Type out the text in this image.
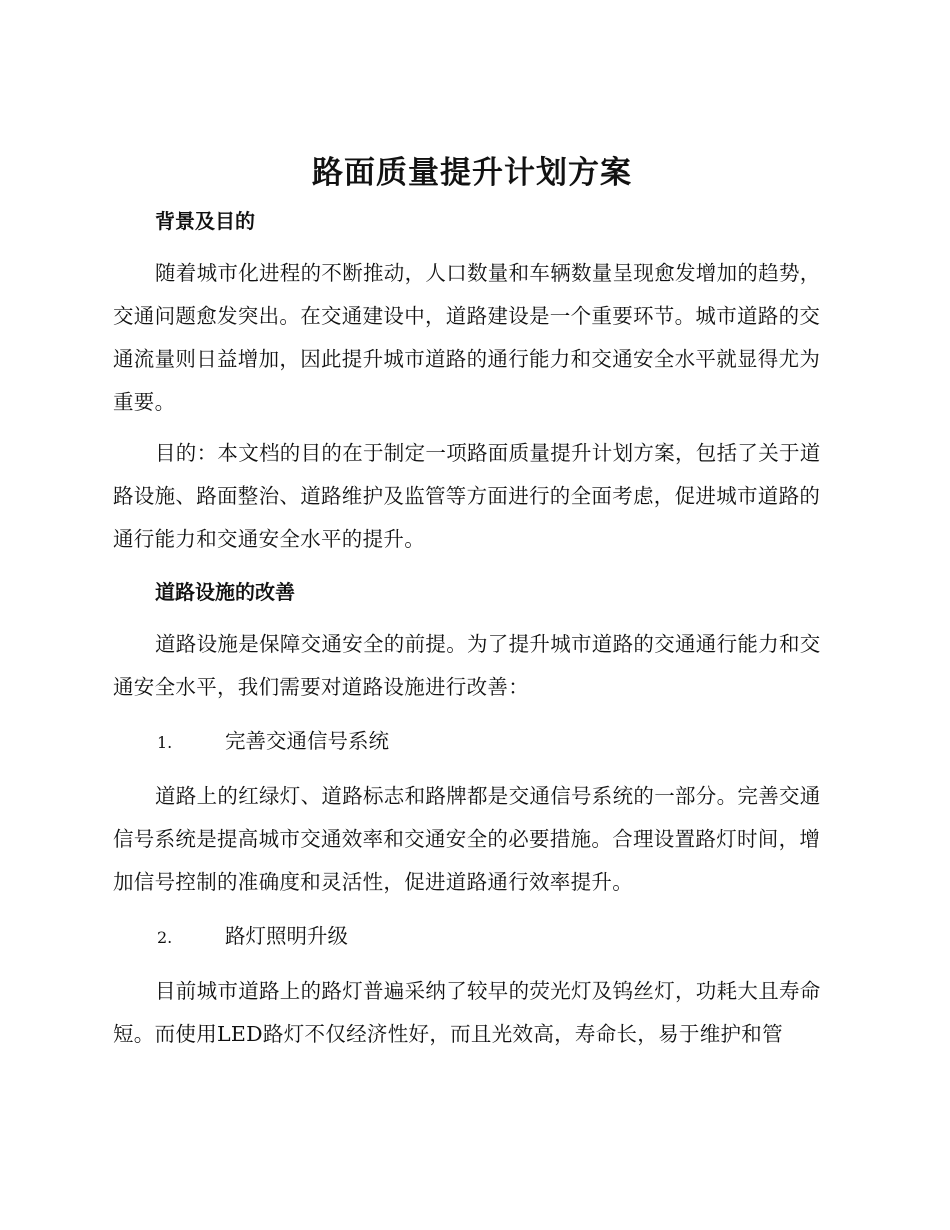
路面质量提升计划方案
背景及目的

随着城市化进程的不断推动，人口数量和车辆数量呈现愈发增加的趋势，交通问题愈发突出。在交通建设中，道路建设是一个重要环节。城市道路的交通流量则日益增加，因此提升城市道路的通行能力和交通安全水平就显得尤为重要。

目的：本文档的目的在于制定一项路面质量提升计划方案，包括了关于道路设施、路面整治、道路维护及监管等方面进行的全面考虑，促进城市道路的通行能力和交通安全水平的提升。

道路设施的改善

道路设施是保障交通安全的前提。为了提升城市道路的交通通行能力和交通安全水平，我们需要对道路设施进行改善：

1.	完善交通信号系统

道路上的红绿灯、道路标志和路牌都是交通信号系统的一部分。完善交通信号系统是提高城市交通效率和交通安全的必要措施。合理设置路灯时间，增加信号控制的准确度和灵活性，促进道路通行效率提升。

2.	路灯照明升级

目前城市道路上的路灯普遍采纳了较早的荧光灯及钨丝灯，功耗大且寿命短。而使用LED路灯不仅经济性好，而且光效高，寿命长，易于维护和管
